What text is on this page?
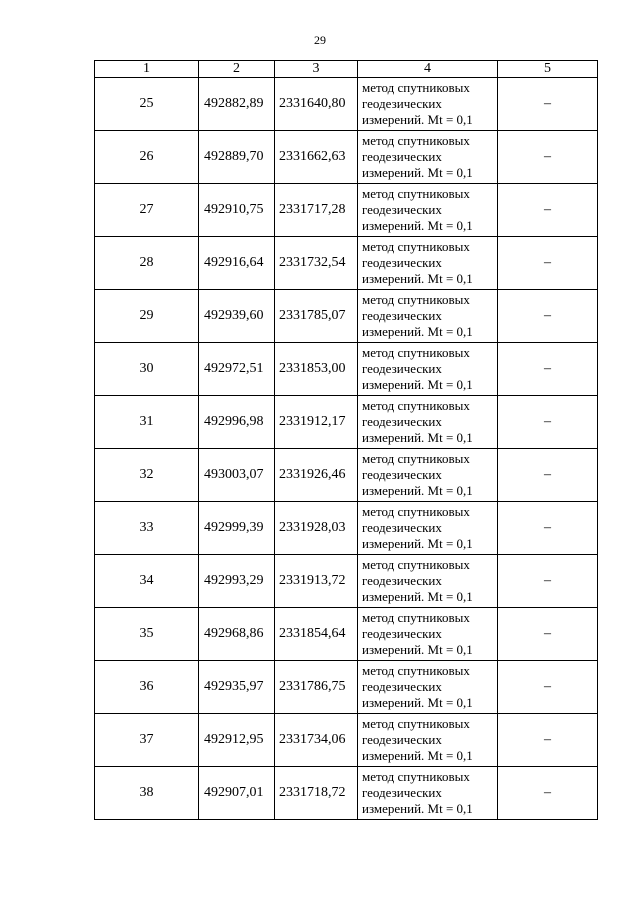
29
1	2	3	4	5
25	492882,89	2331640,80	метод спутниковых
геодезических
измерений. Mt = 0,1	–
26	492889,70	2331662,63	метод спутниковых
геодезических
измерений. Mt = 0,1	–
27	492910,75	2331717,28	метод спутниковых
геодезических
измерений. Mt = 0,1	–
28	492916,64	2331732,54	метод спутниковых
геодезических
измерений. Mt = 0,1	–
29	492939,60	2331785,07	метод спутниковых
геодезических
измерений. Mt = 0,1	–
30	492972,51	2331853,00	метод спутниковых
геодезических
измерений. Mt = 0,1	–
31	492996,98	2331912,17	метод спутниковых
геодезических
измерений. Mt = 0,1	–
32	493003,07	2331926,46	метод спутниковых
геодезических
измерений. Mt = 0,1	–
33	492999,39	2331928,03	метод спутниковых
геодезических
измерений. Mt = 0,1	–
34	492993,29	2331913,72	метод спутниковых
геодезических
измерений. Mt = 0,1	–
35	492968,86	2331854,64	метод спутниковых
геодезических
измерений. Mt = 0,1	–
36	492935,97	2331786,75	метод спутниковых
геодезических
измерений. Mt = 0,1	–
37	492912,95	2331734,06	метод спутниковых
геодезических
измерений. Mt = 0,1	–
38	492907,01	2331718,72	метод спутниковых
геодезических
измерений. Mt = 0,1	–
